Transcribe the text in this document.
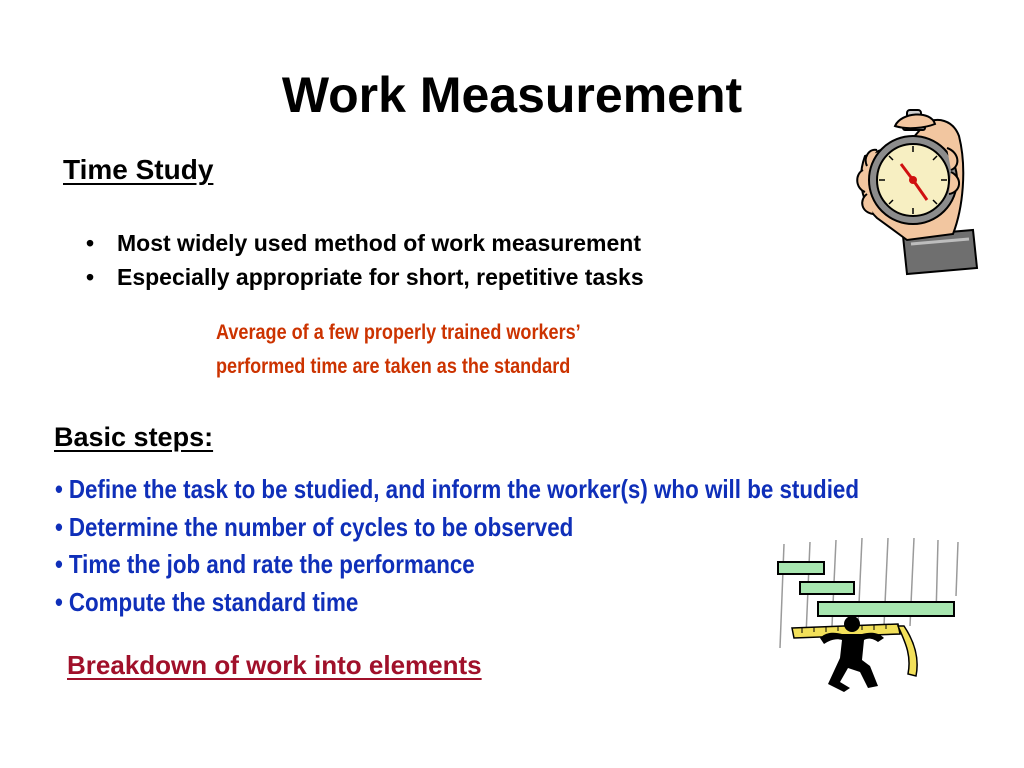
Work Measurement
Time Study
• Most widely used method of work measurement
• Especially appropriate for short, repetitive tasks
Average of a few properly trained workers’
performed time are taken as the standard
Basic steps:
• Define the task to be studied, and inform the worker(s) who will be studied
• Determine the number of cycles to be observed
• Time the job and rate the performance
• Compute the standard time
Breakdown of work into elements
